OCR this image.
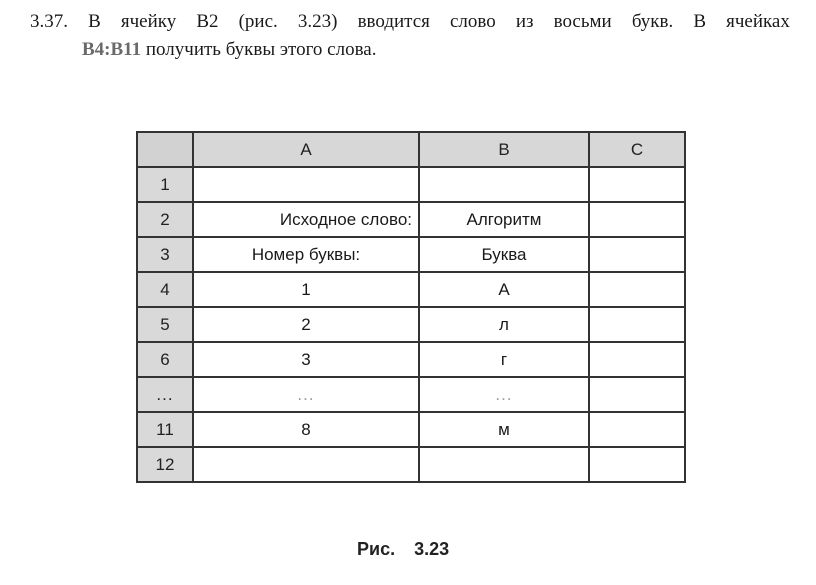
3.37. В ячейку В2 (рис. 3.23) вводится слово из восьми букв. В ячейках
B4:B11 получить буквы этого слова.
	A	B	C
1			
2	Исходное слово:	Алгоритм	
3	Номер буквы:	Буква	
4	1	А	
5	2	л	
6	3	г	
...	...	...	
11	8	м	
12			
Рис. 3.23
